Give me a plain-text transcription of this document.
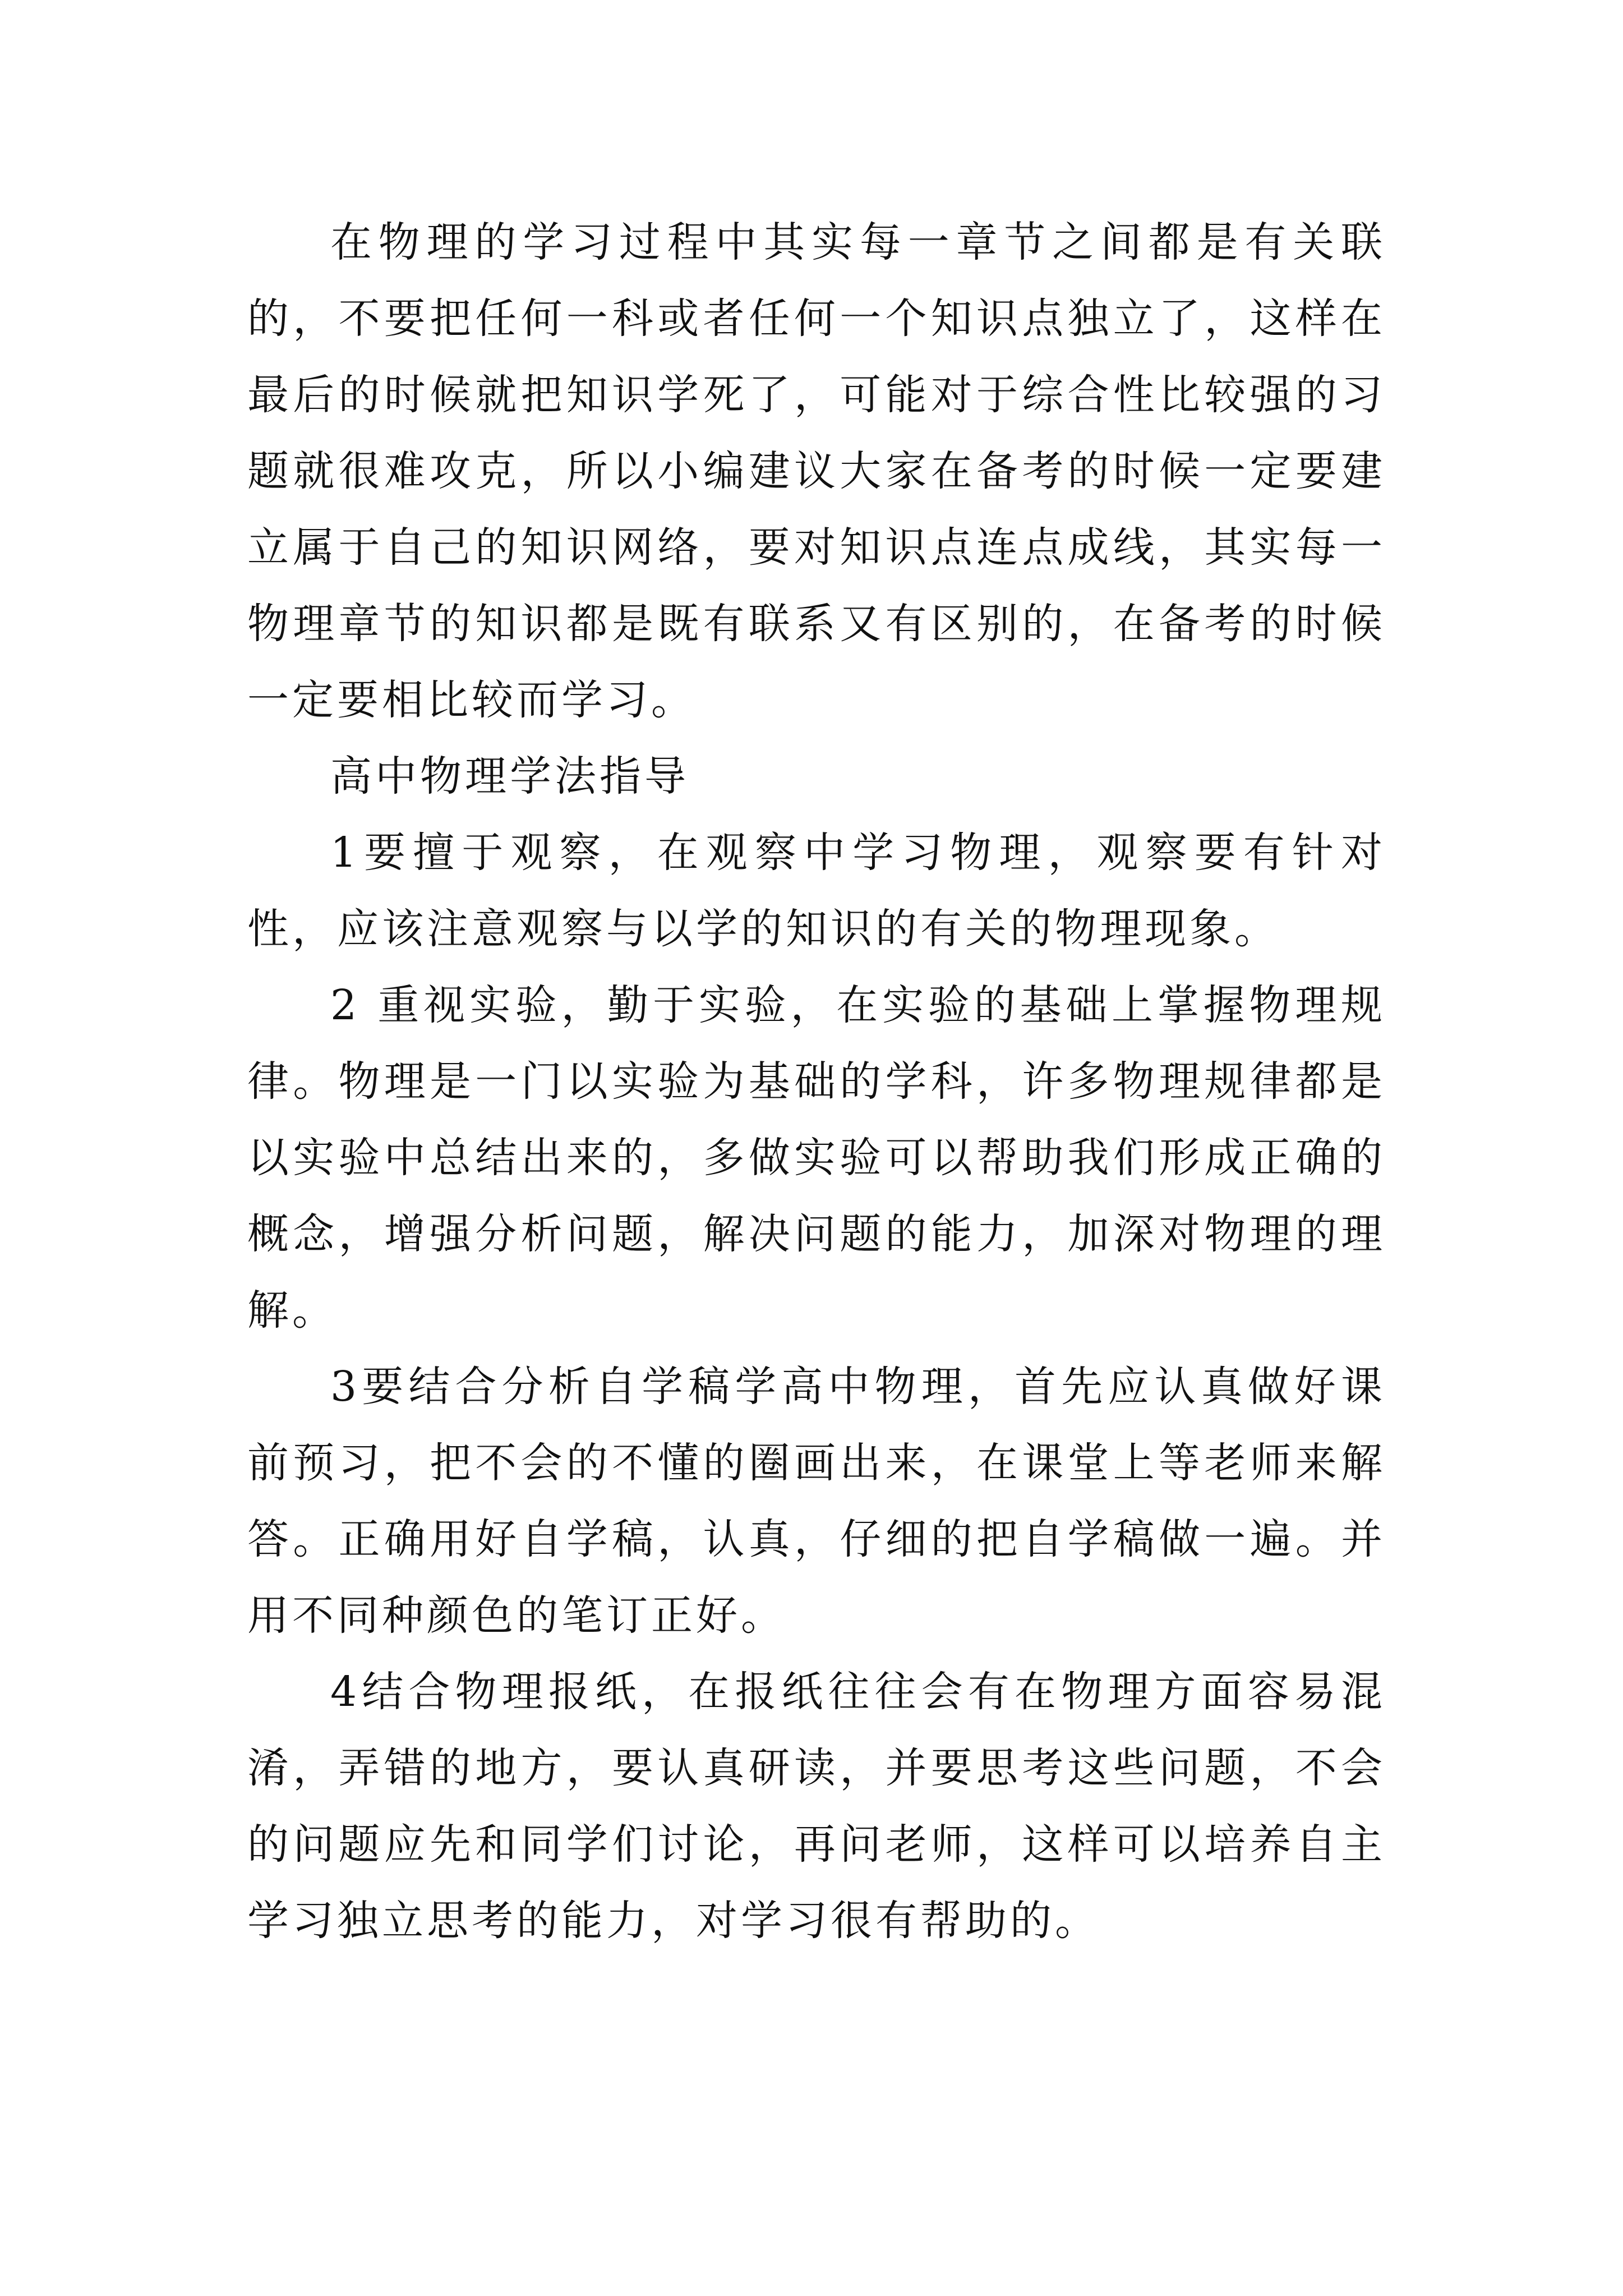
在物理的学习过程中其实每一章节之间都是有关联的，不要把任何一科或者任何一个知识点独立了，这样在最后的时候就把知识学死了，可能对于综合性比较强的习题就很难攻克，所以小编建议大家在备考的时候一定要建立属于自己的知识网络，要对知识点连点成线，其实每一物理章节的知识都是既有联系又有区别的，在备考的时候一定要相比较而学习。

高中物理学法指导

1要擅于观察，在观察中学习物理，观察要有针对性，应该注意观察与以学的知识的有关的物理现象。

2 重视实验，勤于实验，在实验的基础上掌握物理规律。物理是一门以实验为基础的学科，许多物理规律都是以实验中总结出来的，多做实验可以帮助我们形成正确的概念，增强分析问题，解决问题的能力，加深对物理的理解。

3要结合分析自学稿学高中物理，首先应认真做好课前预习，把不会的不懂的圈画出来，在课堂上等老师来解答。正确用好自学稿，认真，仔细的把自学稿做一遍。并用不同种颜色的笔订正好。

4结合物理报纸，在报纸往往会有在物理方面容易混淆，弄错的地方，要认真研读，并要思考这些问题，不会的问题应先和同学们讨论，再问老师，这样可以培养自主学习独立思考的能力，对学习很有帮助的。
